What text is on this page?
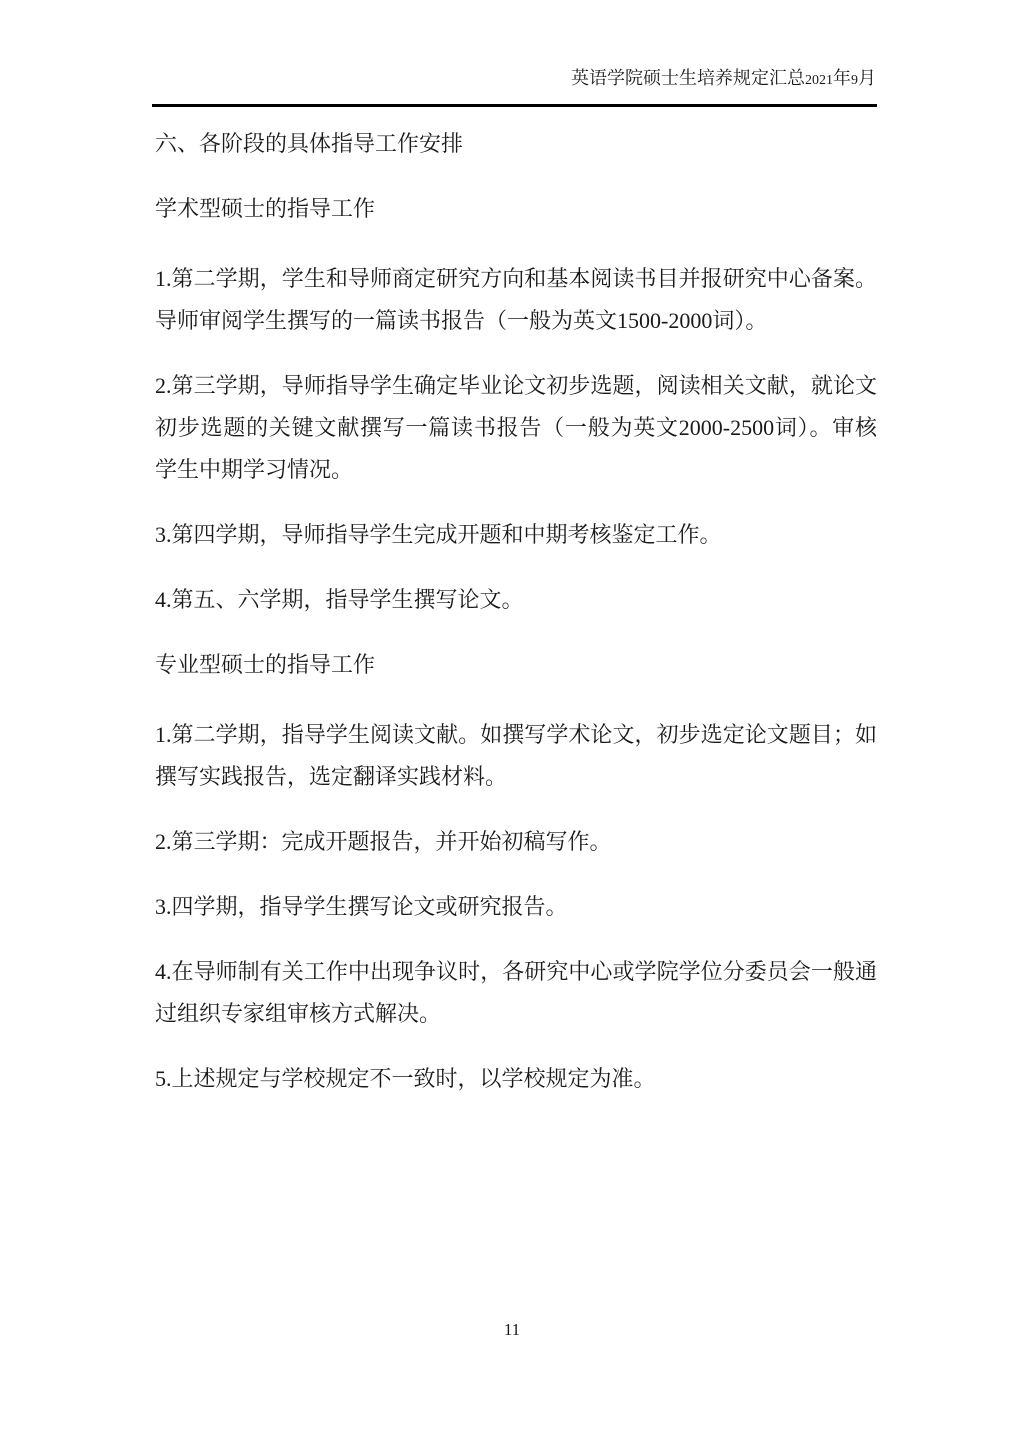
英语学院硕士生培养规定汇总2021年9月

六、各阶段的具体指导工作安排

学术型硕士的指导工作

1.第二学期，学生和导师商定研究方向和基本阅读书目并报研究中心备案。导师审阅学生撰写的一篇读书报告（一般为英文1500-2000词）。

2.第三学期，导师指导学生确定毕业论文初步选题，阅读相关文献，就论文初步选题的关键文献撰写一篇读书报告（一般为英文2000-2500词）。审核学生中期学习情况。

3.第四学期，导师指导学生完成开题和中期考核鉴定工作。

4.第五、六学期，指导学生撰写论文。

专业型硕士的指导工作

1.第二学期，指导学生阅读文献。如撰写学术论文，初步选定论文题目；如撰写实践报告，选定翻译实践材料。

2.第三学期：完成开题报告，并开始初稿写作。

3.四学期，指导学生撰写论文或研究报告。

4.在导师制有关工作中出现争议时，各研究中心或学院学位分委员会一般通过组织专家组审核方式解决。

5.上述规定与学校规定不一致时，以学校规定为准。

11
